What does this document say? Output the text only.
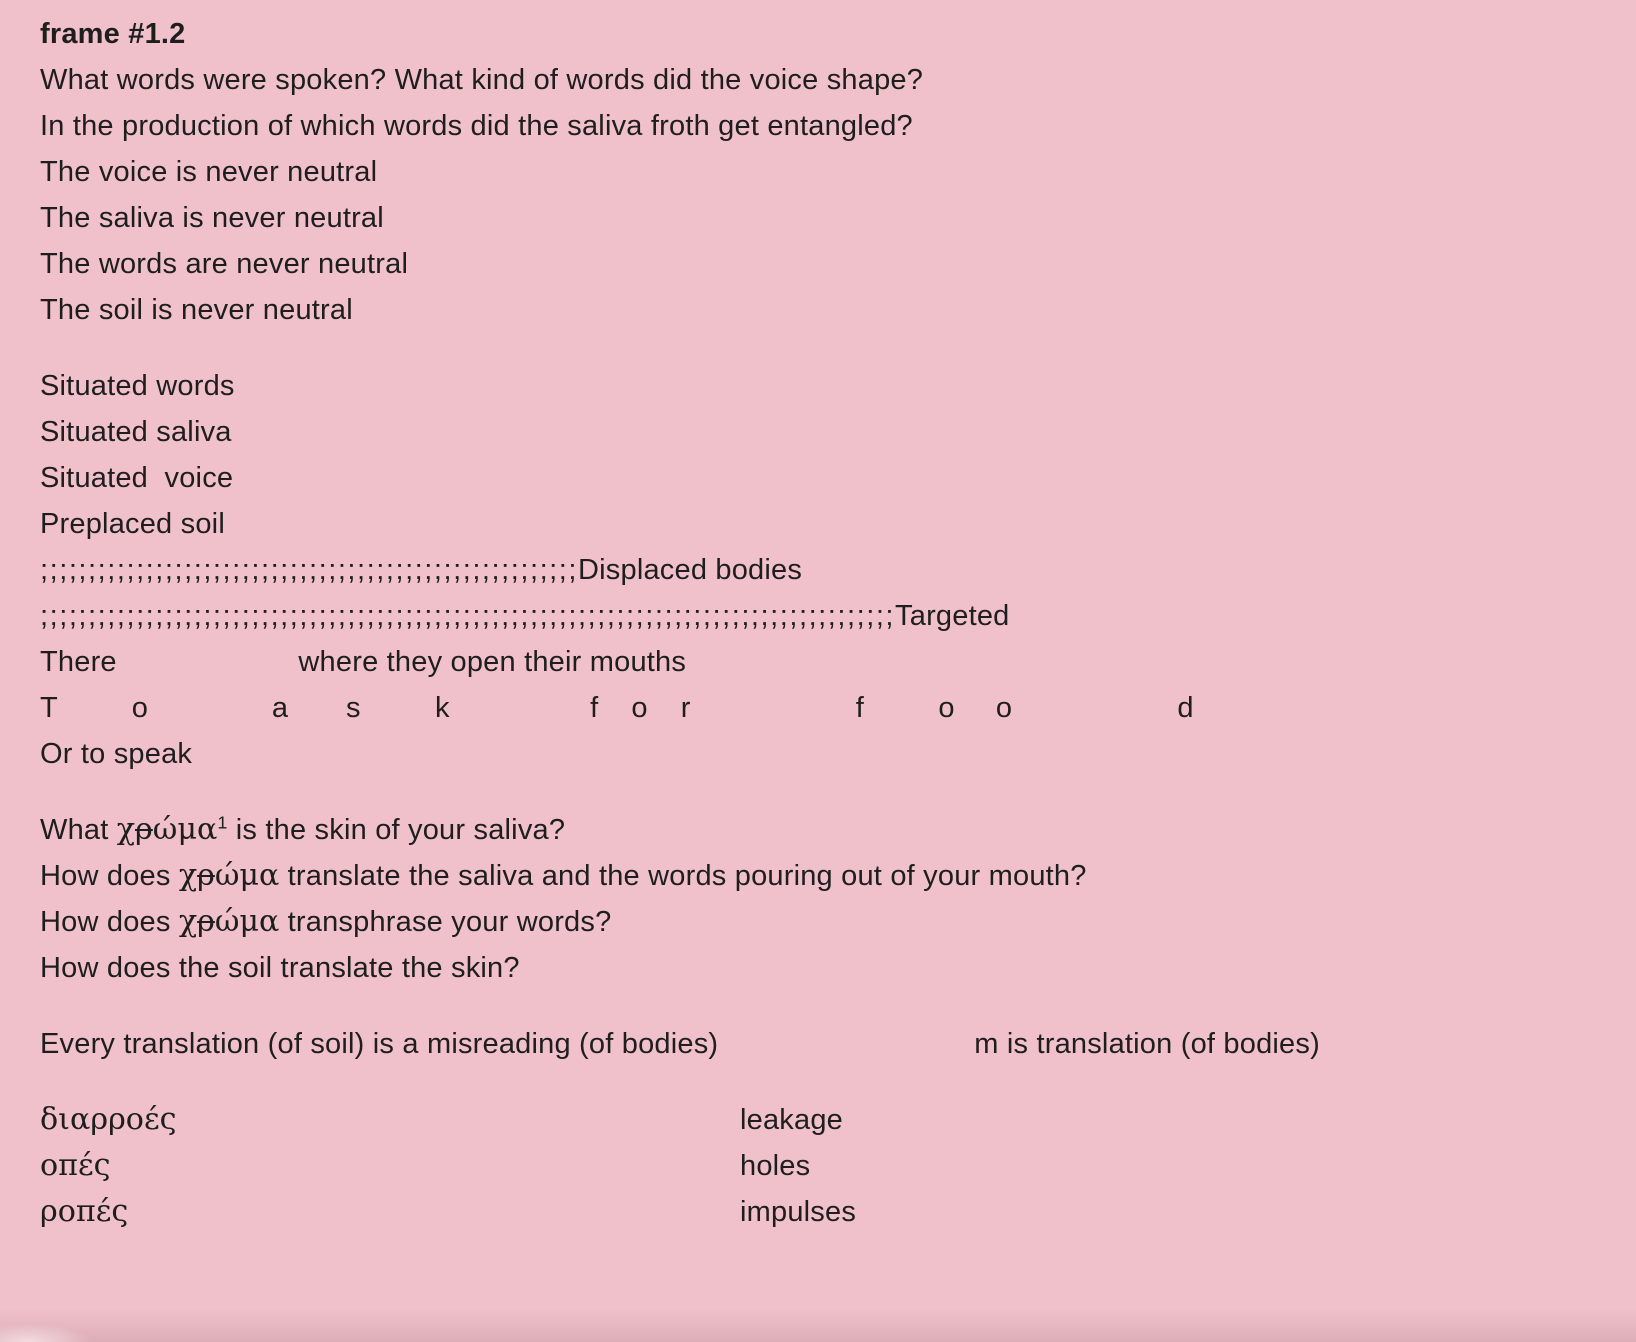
frame #1.2
What words were spoken? What kind of words did the voice shape?
In the production of which words did the saliva froth get entangled?
The voice is never neutral
The saliva is never neutral
The words are never neutral
The soil is never neutral
Situated words
Situated saliva
Situated  voice
Preplaced soil
;;;;;;;;;;;;;;;;;;;;;;;;;;;;;;;;;;;;;;;;;;;;;;;;;;;;;;;;Displaced bodies
;;;;;;;;;;;;;;;;;;;;;;;;;;;;;;;;;;;;;;;;;;;;;;;;;;;;;;;;;;;;;;;;;;;;;;;;;;;;;;;;;;;;;;;;;Targeted
There                      where they open their mouths
T         o               a       s         k                 f    o    r                    f         o     o                    d
Or to speak
What χρώμα$^1$ is the skin of your saliva?
How does χρώμα translate the saliva and the words pouring out of your mouth?
How does χρώμα transphrase your words?
How does the soil translate the skin?
Every translation (of soil) is a misreading (of bodies)                               m is translation (of bodies)
διαρροές	leakage
οπές	holes
ροπές	impulses
